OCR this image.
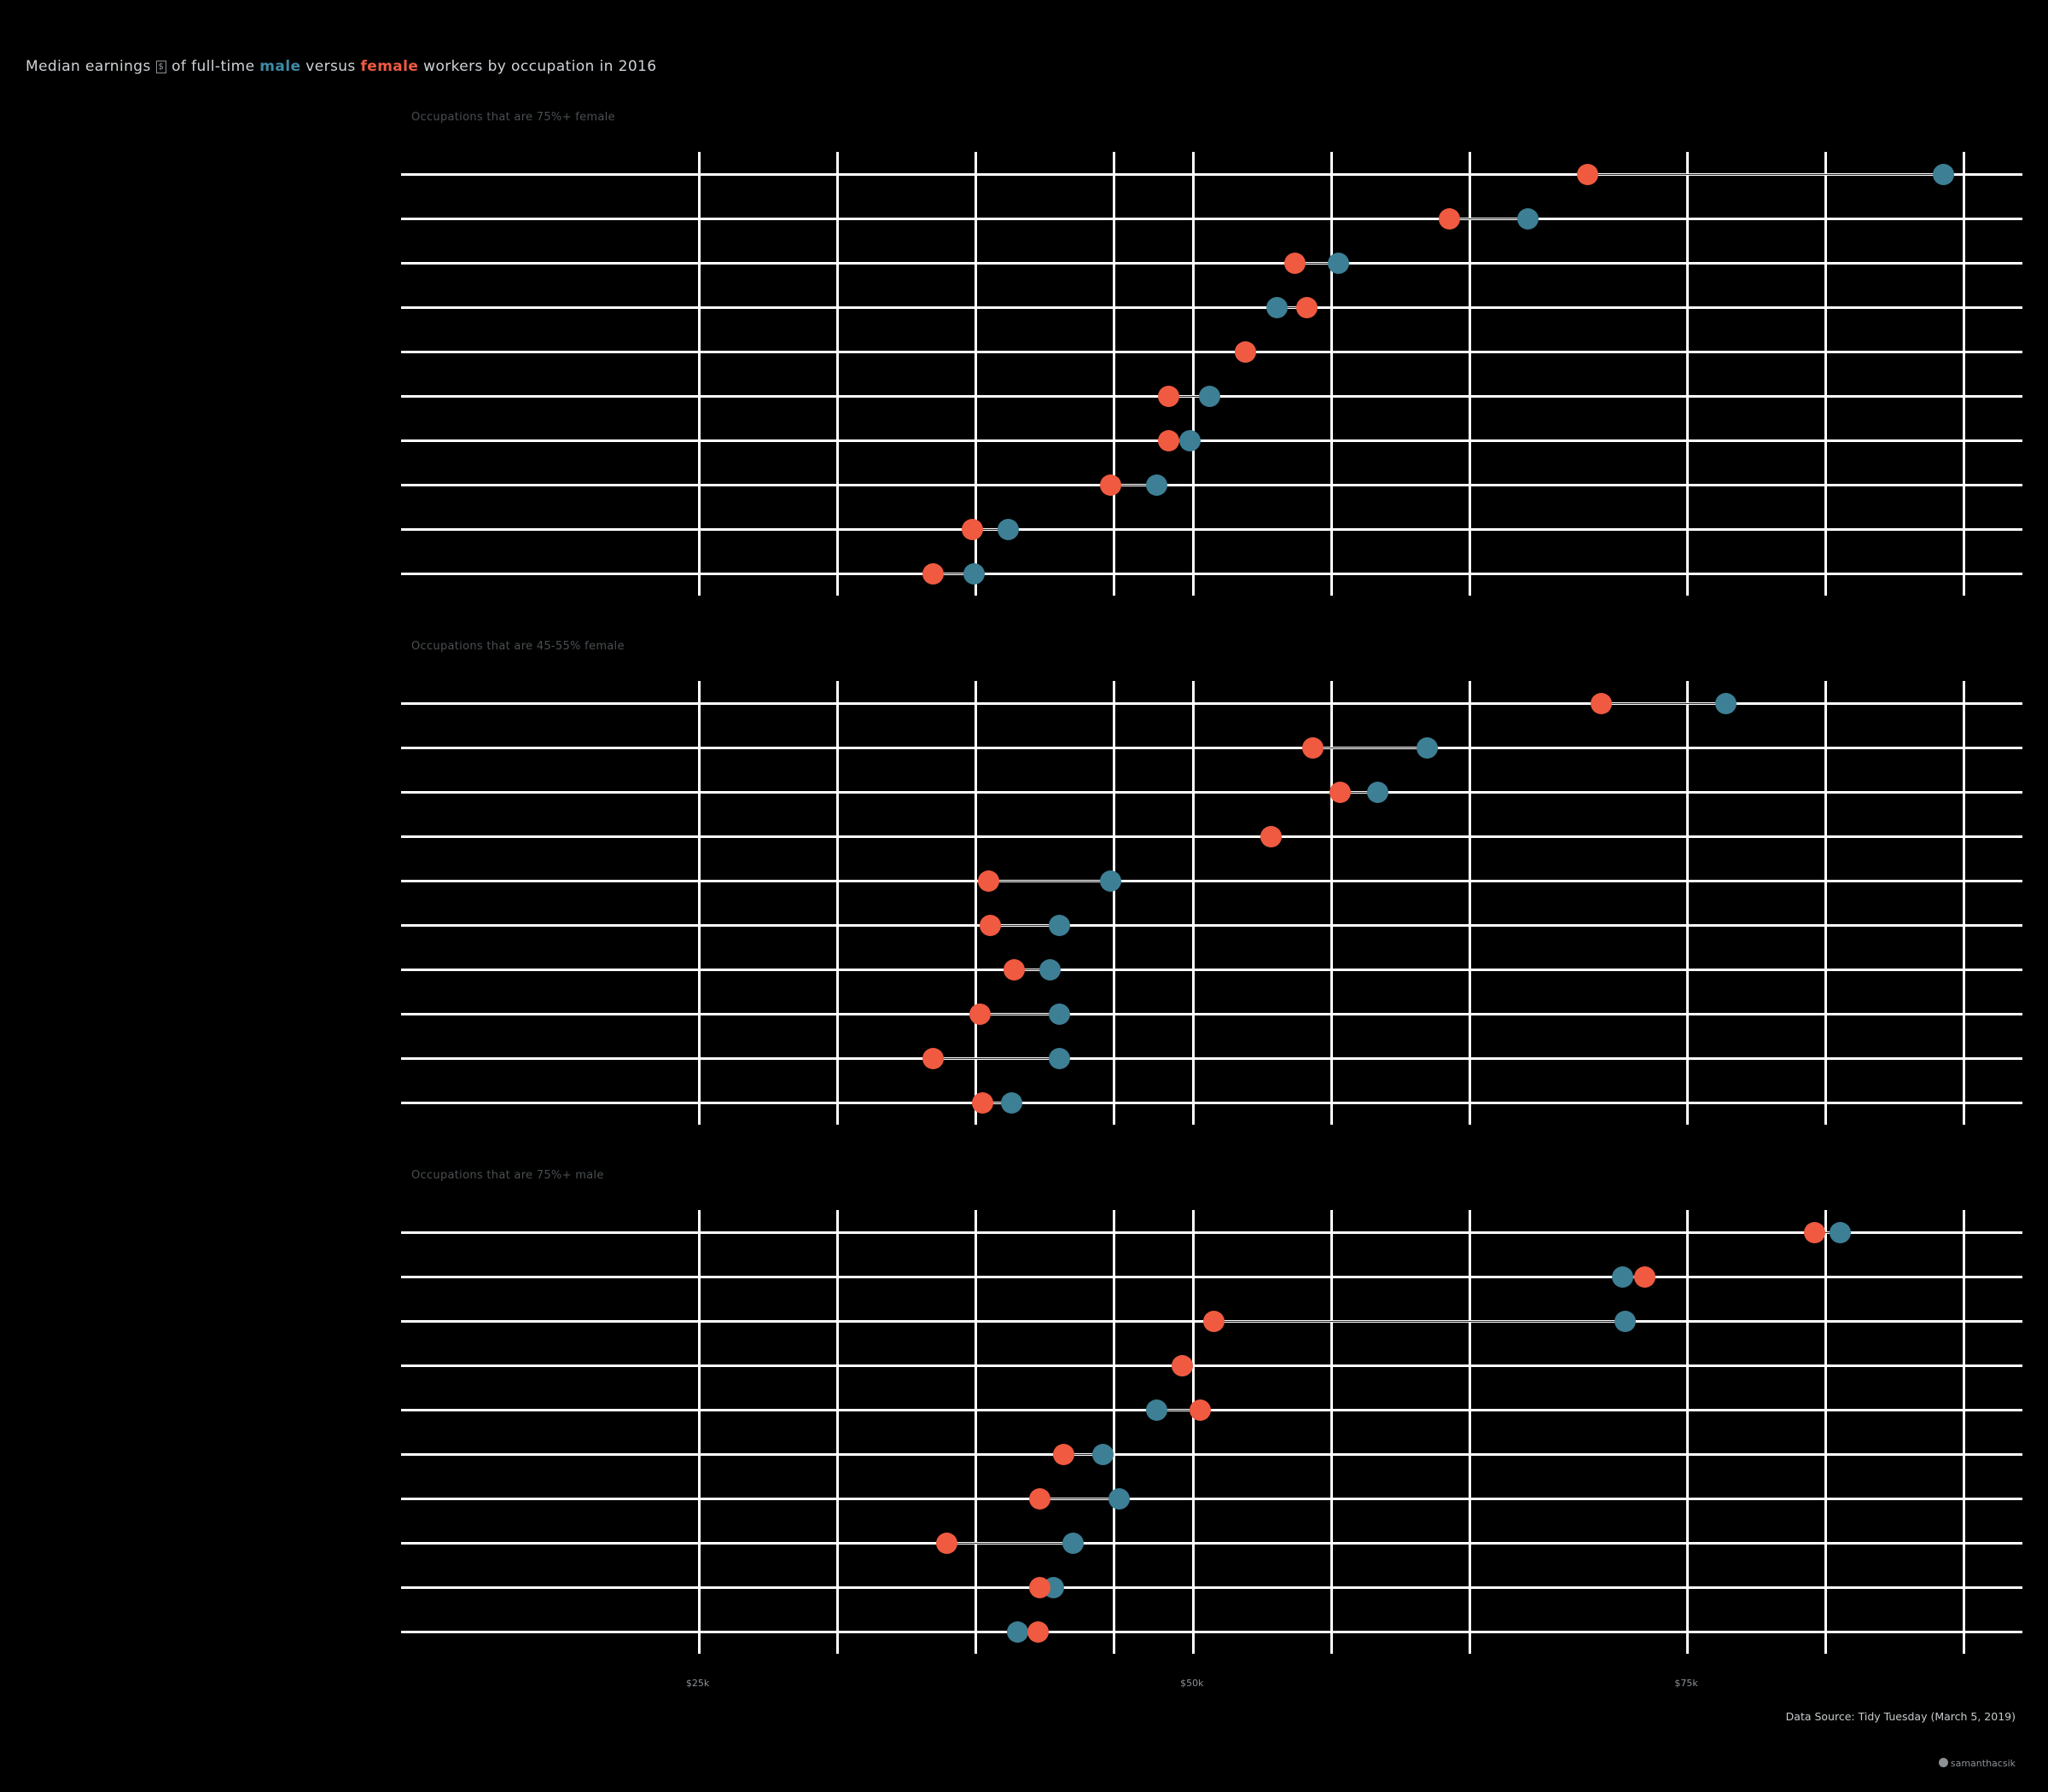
Median earnings $ of full-time male versus female workers by occupation in 2016
Occupations that are 75%+ female
Occupations that are 45-55% female
Occupations that are 75%+ male
$25k	$50k	$75k
Data Source: Tidy Tuesday (March 5, 2019)
samanthacsik
